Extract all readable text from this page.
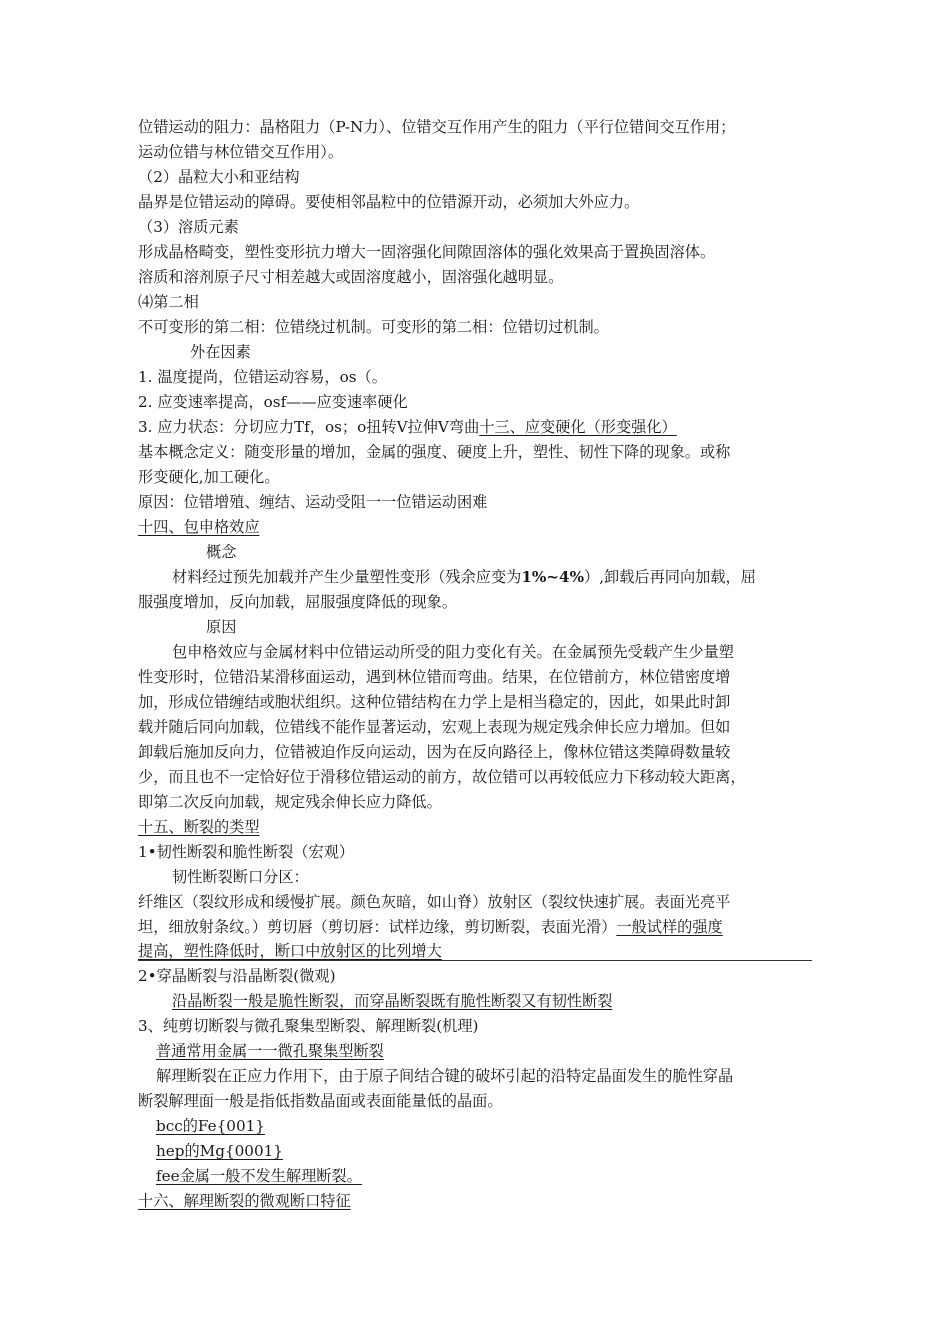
位错运动的阻力：晶格阻力（P-N力）、位错交互作用产生的阻力（平行位错间交互作用；
运动位错与林位错交互作用）。
（2）晶粒大小和亚结构
晶界是位错运动的障碍。要使相邻晶粒中的位错源开动，必须加大外应力。
（3）溶质元素
形成晶格畸变，塑性变形抗力增大一固溶强化间隙固溶体的强化效果高于置换固溶体。
溶质和溶剂原子尺寸相差越大或固溶度越小，固溶强化越明显。
⑷第二相
不可变形的第二相：位错绕过机制。可变形的第二相：位错切过机制。
外在因素
1. 温度提尚，位错运动容易，os（。
2. 应变速率提高，osf——应变速率硬化
3. 应力状态：分切应力Tf，os；o扭转V拉伸V弯曲十三、应变硬化（形变强化）
基本概念定义：随变形量的增加，金属的强度、硬度上升，塑性、韧性下降的现象。或称
形变硬化,加工硬化。
原因：位错增殖、缠结、运动受阻一一位错运动困难
十四、包申格效应
概念
材料经过预先加载并产生少量塑性变形（残余应变为1%~4%）,卸载后再同向加载，屈
服强度增加，反向加载，屈服强度降低的现象。
原因
包申格效应与金属材料中位错运动所受的阻力变化有关。在金属预先受载产生少量塑
性变形时，位错沿某滑移面运动，遇到林位错而弯曲。结果，在位错前方，林位错密度增
加，形成位错缠结或胞状组织。这种位错结构在力学上是相当稳定的，因此，如果此时卸
载并随后同向加载，位错线不能作显著运动，宏观上表现为规定残余伸长应力增加。但如
卸载后施加反向力，位错被迫作反向运动，因为在反向路径上，像林位错这类障碍数量较
少，而且也不一定恰好位于滑移位错运动的前方，故位错可以再较低应力下移动较大距离，
即第二次反向加载，规定残余伸长应力降低。
十五、断裂的类型
1•韧性断裂和脆性断裂（宏观）
韧性断裂断口分区：
纤维区（裂纹形成和缓慢扩展。颜色灰暗，如山脊）放射区（裂纹快速扩展。表面光亮平
坦，细放射条纹。）剪切唇（剪切唇：试样边缘，剪切断裂，表面光滑）一般试样的强度
提高，塑性降低时，断口中放射区的比列增大
2•穿晶断裂与沿晶断裂(微观)
沿晶断裂一般是脆性断裂，而穿晶断裂既有脆性断裂又有韧性断裂
3、纯剪切断裂与微孔聚集型断裂、解理断裂(机理)
普通常用金属一一微孔聚集型断裂
解理断裂在正应力作用下，由于原子间结合键的破坏引起的沿特定晶面发生的脆性穿晶
断裂解理面一般是指低指数晶面或表面能量低的晶面。
bcc的Fe{001}
hep的Mg{0001}
fee金属一般不发生解理断裂。
十六、解理断裂的微观断口特征
